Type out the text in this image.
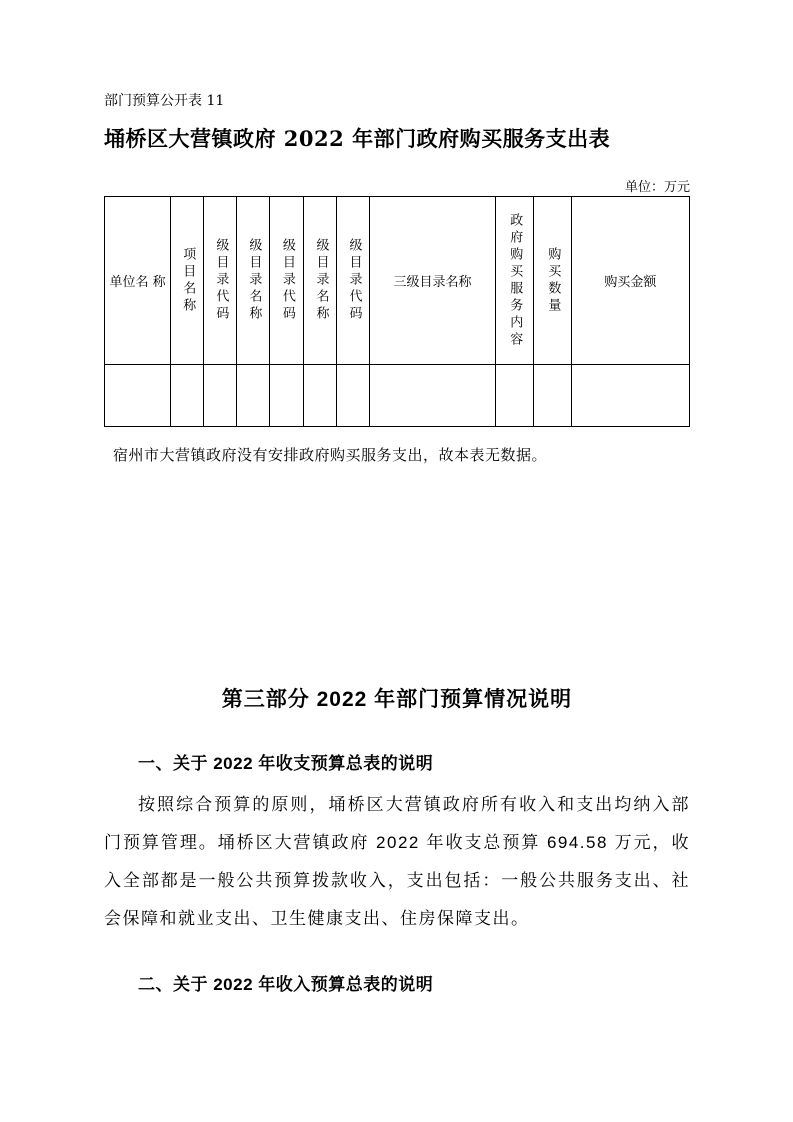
部门预算公开表 11
埇桥区大营镇政府 2022 年部门政府购买服务支出表
单位：万元
单位名 称	项目名称	级目录代码	级目录名称	级目录代码	级目录名称	级目录代码	三级目录名称	政府购买服务内容	购买数量	购买金额

宿州市大营镇政府没有安排政府购买服务支出，故本表无数据。
第三部分 2022 年部门预算情况说明
一、关于 2022 年收支预算总表的说明

按照综合预算的原则，埇桥区大营镇政府所有收入和支出均纳入部门预算管理。埇桥区大营镇政府 2022 年收支总预算 694.58 万元，收入全部都是一般公共预算拨款收入，支出包括：一般公共服务支出、社会保障和就业支出、卫生健康支出、住房保障支出。

二、关于 2022 年收入预算总表的说明
